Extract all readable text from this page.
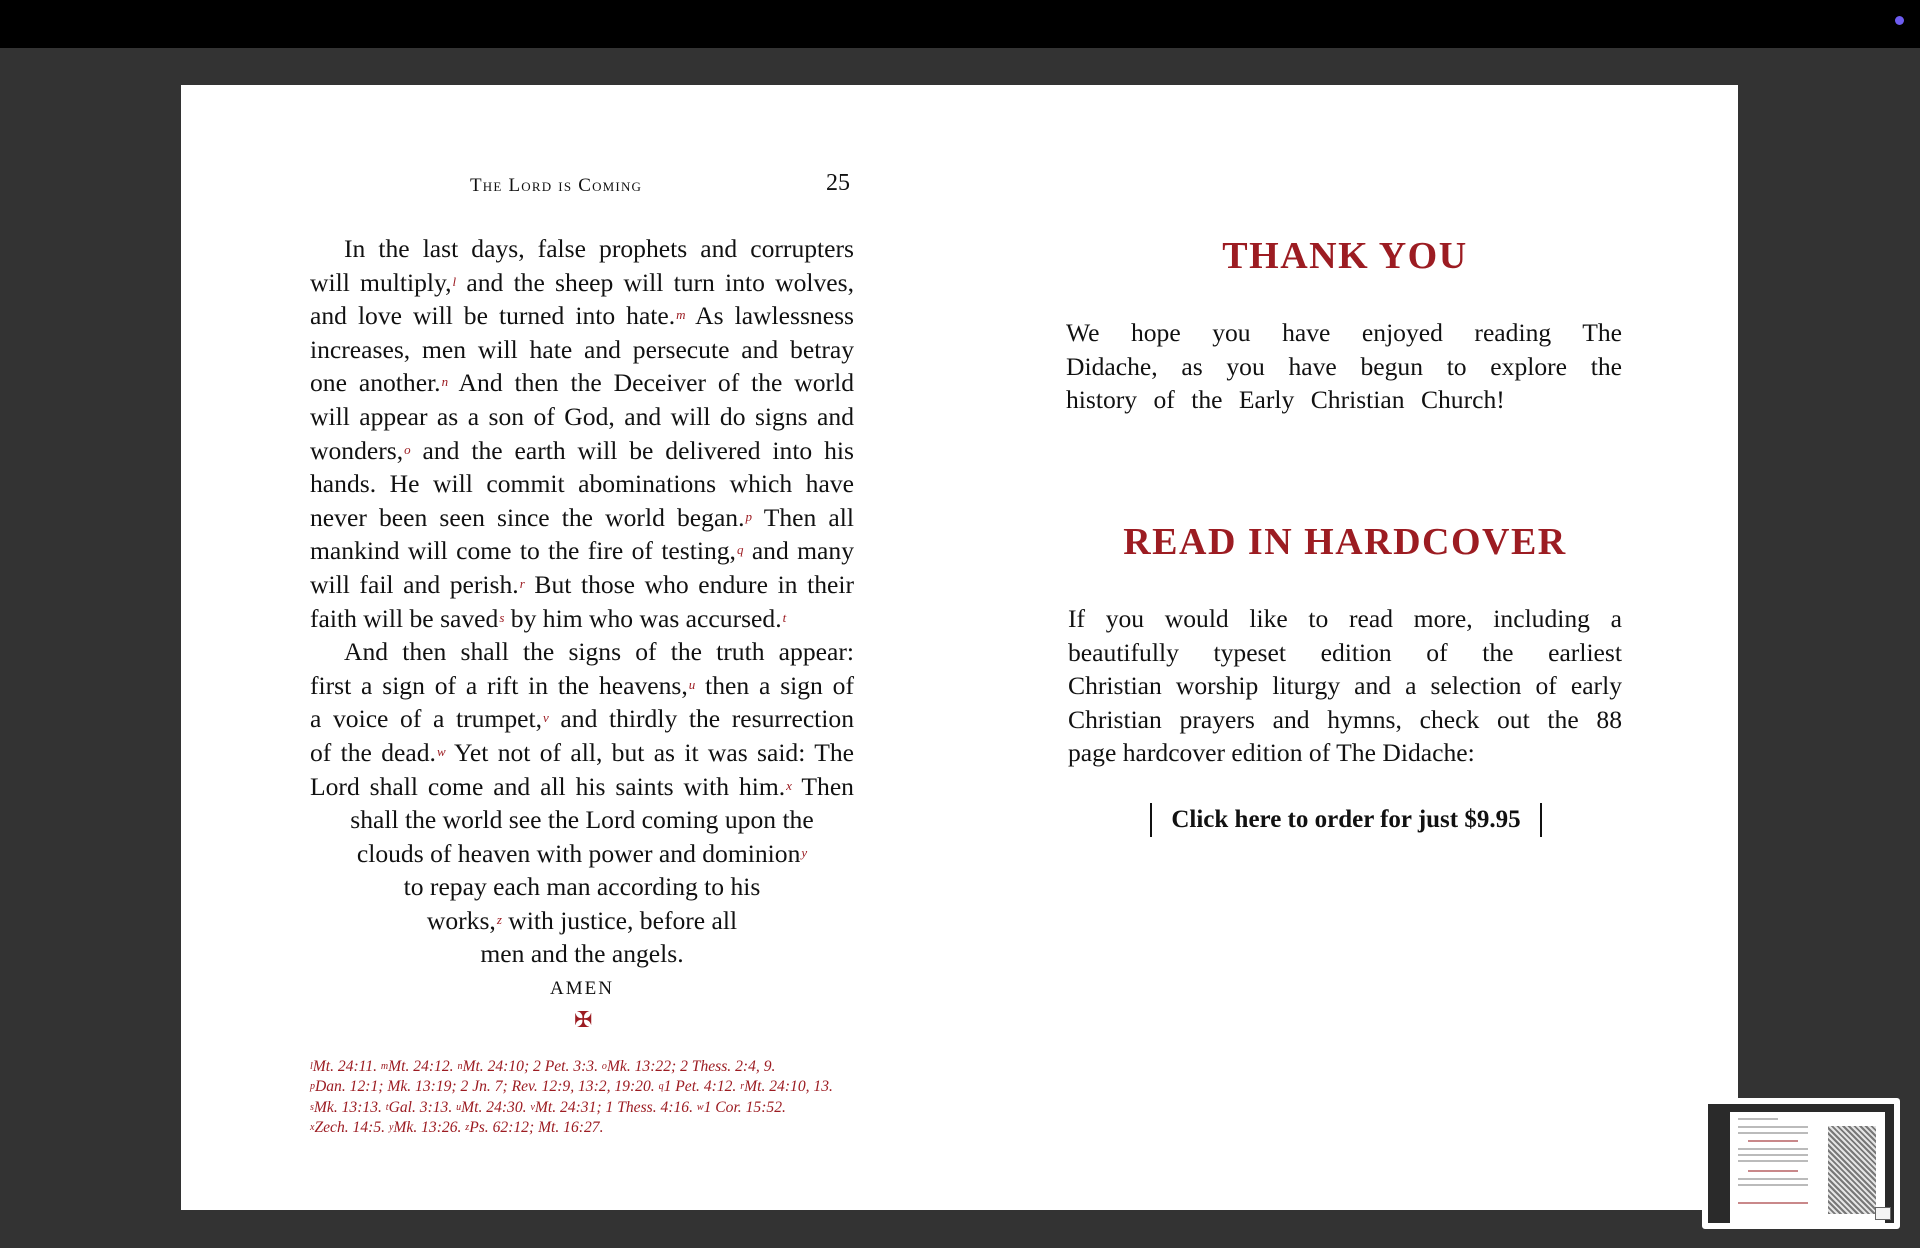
The Lord is Coming	25
In the last days, false prophets and corrupters
will multiply,$^l$ and the sheep will turn into wolves,
and love will be turned into hate.$^m$ As lawlessness
increases, men will hate and persecute and betray
one another.$^n$ And then the Deceiver of the world
will appear as a son of God, and will do signs and
wonders,$^o$ and the earth will be delivered into his
hands. He will commit abominations which have
never been seen since the world began.$^p$ Then all
mankind will come to the fire of testing,$^q$ and many
will fail and perish.$^r$ But those who endure in their
faith will be saved$^s$ by him who was accursed.$^t$
And then shall the signs of the truth appear:
first a sign of a rift in the heavens,$^u$ then a sign of
a voice of a trumpet,$^v$ and thirdly the resurrection
of the dead.$^w$ Yet not of all, but as it was said: The
Lord shall come and all his saints with him.$^x$ Then
shall the world see the Lord coming upon the
clouds of heaven with power and dominion$^y$
to repay each man according to his
works,$^z$ with justice, before all
men and the angels.
AMEN
✠
$^l$Mt. 24:11. $^m$Mt. 24:12. $^n$Mt. 24:10; 2 Pet. 3:3. $^o$Mk. 13:22; 2 Thess. 2:4, 9.
$^p$Dan. 12:1; Mk. 13:19; 2 Jn. 7; Rev. 12:9, 13:2, 19:20. $^q$1 Pet. 4:12. $^r$Mt. 24:10, 13.
$^s$Mk. 13:13. $^t$Gal. 3:13. $^u$Mt. 24:30. $^v$Mt. 24:31; 1 Thess. 4:16. $^w$1 Cor. 15:52.
$^x$Zech. 14:5. $^y$Mk. 13:26. $^z$Ps. 62:12; Mt. 16:27.
THANK YOU
We hope you have enjoyed reading The Didache, as you have begun to explore the history of the Early Christian Church!
READ IN HARDCOVER
If you would like to read more, including a
beautifully typeset edition of the earliest
Christian worship liturgy and a selection of early
Christian prayers and hymns, check out the 88
page hardcover edition of The Didache:
Click here to order for just $9.95
